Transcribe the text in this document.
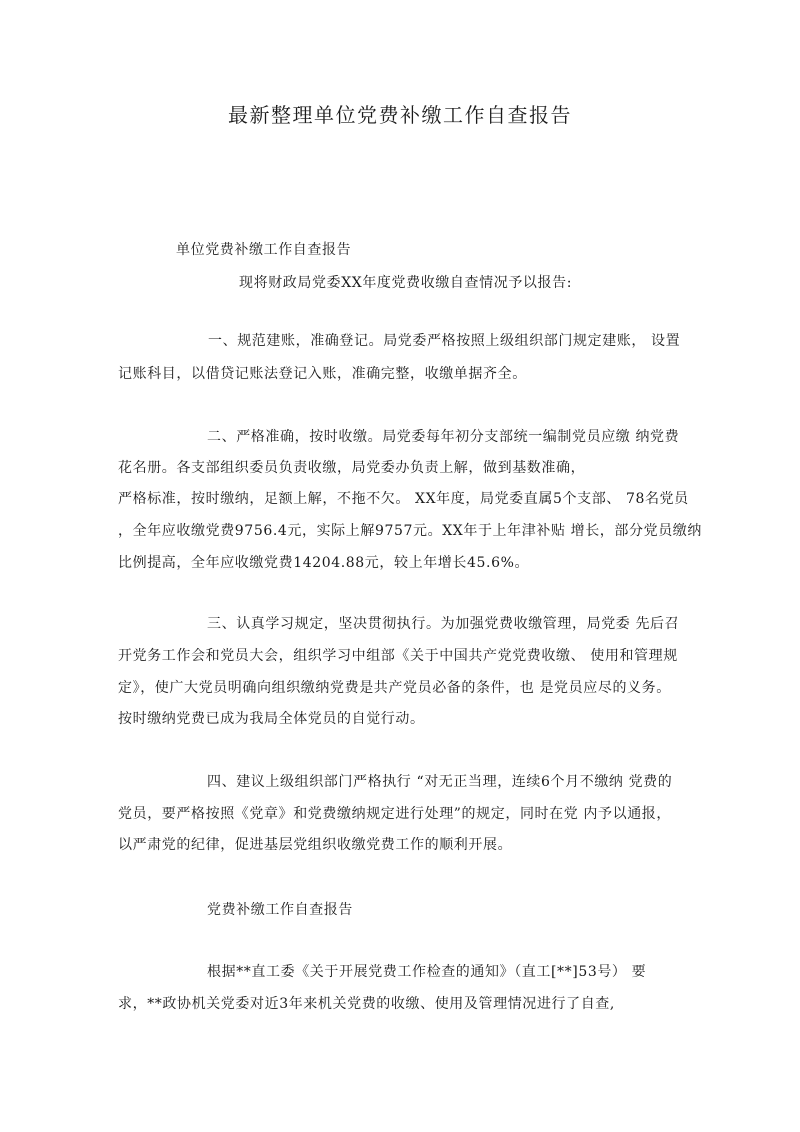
最新整理单位党费补缴工作自查报告
单位党费补缴工作自查报告
现将财政局党委XX年度党费收缴自查情况予以报告:
一、规范建账，准确登记。局党委严格按照上级组织部门规定建账， 设置
记账科目，以借贷记账法登记入账，准确完整，收缴单据齐全。
二、严格准确，按时收缴。局党委每年初分支部统一编制党员应缴 纳党费
花名册。各支部组织委员负责收缴，局党委办负责上解，做到基数准确，
严格标准，按时缴纳，足额上解，不拖不欠。 XX年度，局党委直属5个支部、 78名党员
，全年应收缴党费9756.4元，实际上解9757元。XX年于上年津补贴 增长，部分党员缴纳
比例提高，全年应收缴党费14204.88元，较上年增长45.6%。
三、认真学习规定，坚决贯彻执行。为加强党费收缴管理，局党委 先后召
开党务工作会和党员大会，组织学习中组部《关于中国共产党党费收缴、 使用和管理规
定》，使广大党员明确向组织缴纳党费是共产党员必备的条件，也 是党员应尽的义务。
按时缴纳党费已成为我局全体党员的自觉行动。
四、建议上级组织部门严格执行 “对无正当理，连续6个月不缴纳 党费的
党员，要严格按照《党章》和党费缴纳规定进行处理”的规定，同时在党 内予以通报，
以严肃党的纪律，促进基层党组织收缴党费工作的顺利开展。
党费补缴工作自查报告
根据**直工委《关于开展党费工作检查的通知》（直工[**]53号） 要
求，**政协机关党委对近3年来机关党费的收缴、使用及管理情况进行了自查,
